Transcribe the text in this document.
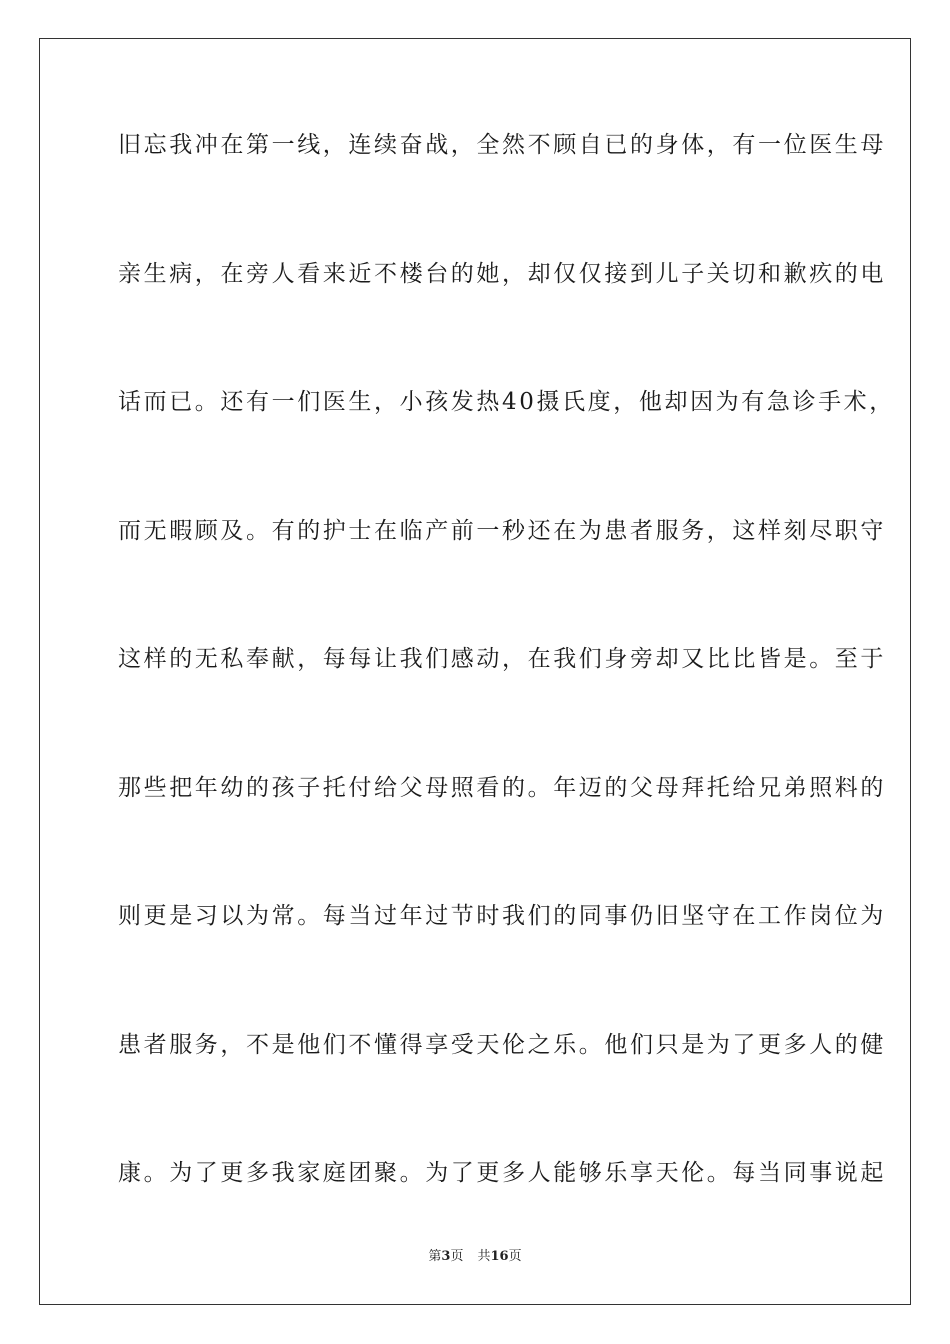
旧忘我冲在第一线，连续奋战，全然不顾自已的身体，有一位医生母
亲生病，在旁人看来近不楼台的她，却仅仅接到儿子关切和歉疚的电
话而已。还有一们医生，小孩发热40摄氏度，他却因为有急诊手术，
而无暇顾及。有的护士在临产前一秒还在为患者服务，这样刻尽职守
这样的无私奉献，每每让我们感动，在我们身旁却又比比皆是。至于
那些把年幼的孩子托付给父母照看的。年迈的父母拜托给兄弟照料的
则更是习以为常。每当过年过节时我们的同事仍旧坚守在工作岗位为
患者服务，不是他们不懂得享受天伦之乐。他们只是为了更多人的健
康。为了更多我家庭团聚。为了更多人能够乐享天伦。每当同事说起
第3页 共16页
